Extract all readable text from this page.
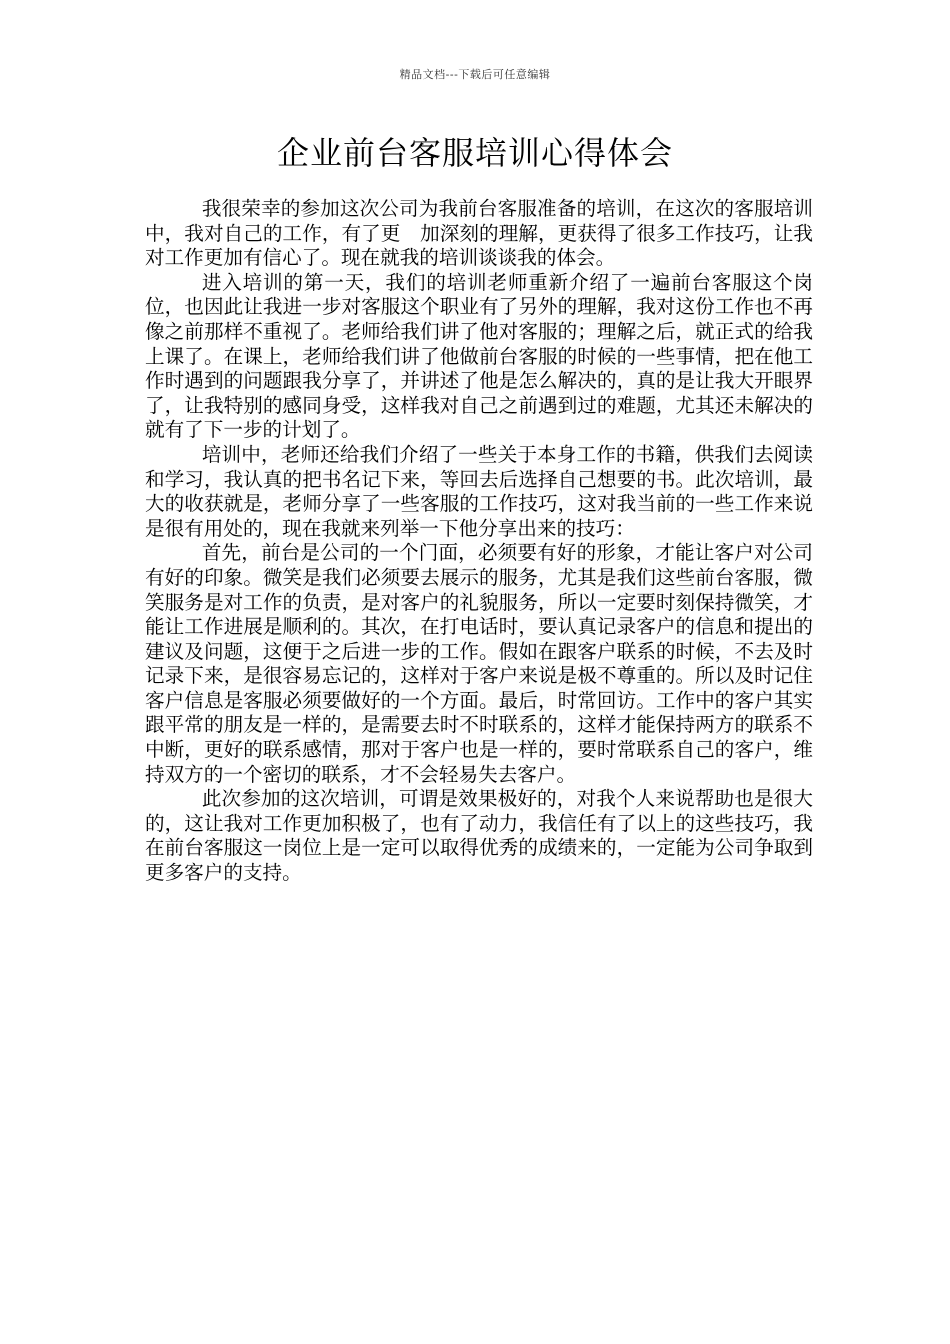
精品文档---下载后可任意编辑
企业前台客服培训心得体会

我很荣幸的参加这次公司为我前台客服准备的培训，在这次的客服培训中，我对自己的工作，有了更　加深刻的理解，更获得了很多工作技巧，让我对工作更加有信心了。现在就我的培训谈谈我的体会。

进入培训的第一天，我们的培训老师重新介绍了一遍前台客服这个岗位，也因此让我进一步对客服这个职业有了另外的理解，我对这份工作也不再像之前那样不重视了。老师给我们讲了他对客服的；理解之后，就正式的给我上课了。在课上，老师给我们讲了他做前台客服的时候的一些事情，把在他工作时遇到的问题跟我分享了，并讲述了他是怎么解决的，真的是让我大开眼界了，让我特别的感同身受，这样我对自己之前遇到过的难题，尤其还未解决的就有了下一步的计划了。

培训中，老师还给我们介绍了一些关于本身工作的书籍，供我们去阅读和学习，我认真的把书名记下来，等回去后选择自己想要的书。此次培训，最大的收获就是，老师分享了一些客服的工作技巧，这对我当前的一些工作来说是很有用处的，现在我就来列举一下他分享出来的技巧：

首先，前台是公司的一个门面，必须要有好的形象，才能让客户对公司有好的印象。微笑是我们必须要去展示的服务，尤其是我们这些前台客服，微笑服务是对工作的负责，是对客户的礼貌服务，所以一定要时刻保持微笑，才能让工作进展是顺利的。其次，在打电话时，要认真记录客户的信息和提出的建议及问题，这便于之后进一步的工作。假如在跟客户联系的时候，不去及时记录下来，是很容易忘记的，这样对于客户来说是极不尊重的。所以及时记住客户信息是客服必须要做好的一个方面。最后，时常回访。工作中的客户其实跟平常的朋友是一样的，是需要去时不时联系的，这样才能保持两方的联系不中断，更好的联系感情，那对于客户也是一样的，要时常联系自己的客户，维持双方的一个密切的联系，才不会轻易失去客户。

此次参加的这次培训，可谓是效果极好的，对我个人来说帮助也是很大的，这让我对工作更加积极了，也有了动力，我信任有了以上的这些技巧，我在前台客服这一岗位上是一定可以取得优秀的成绩来的，一定能为公司争取到更多客户的支持。
